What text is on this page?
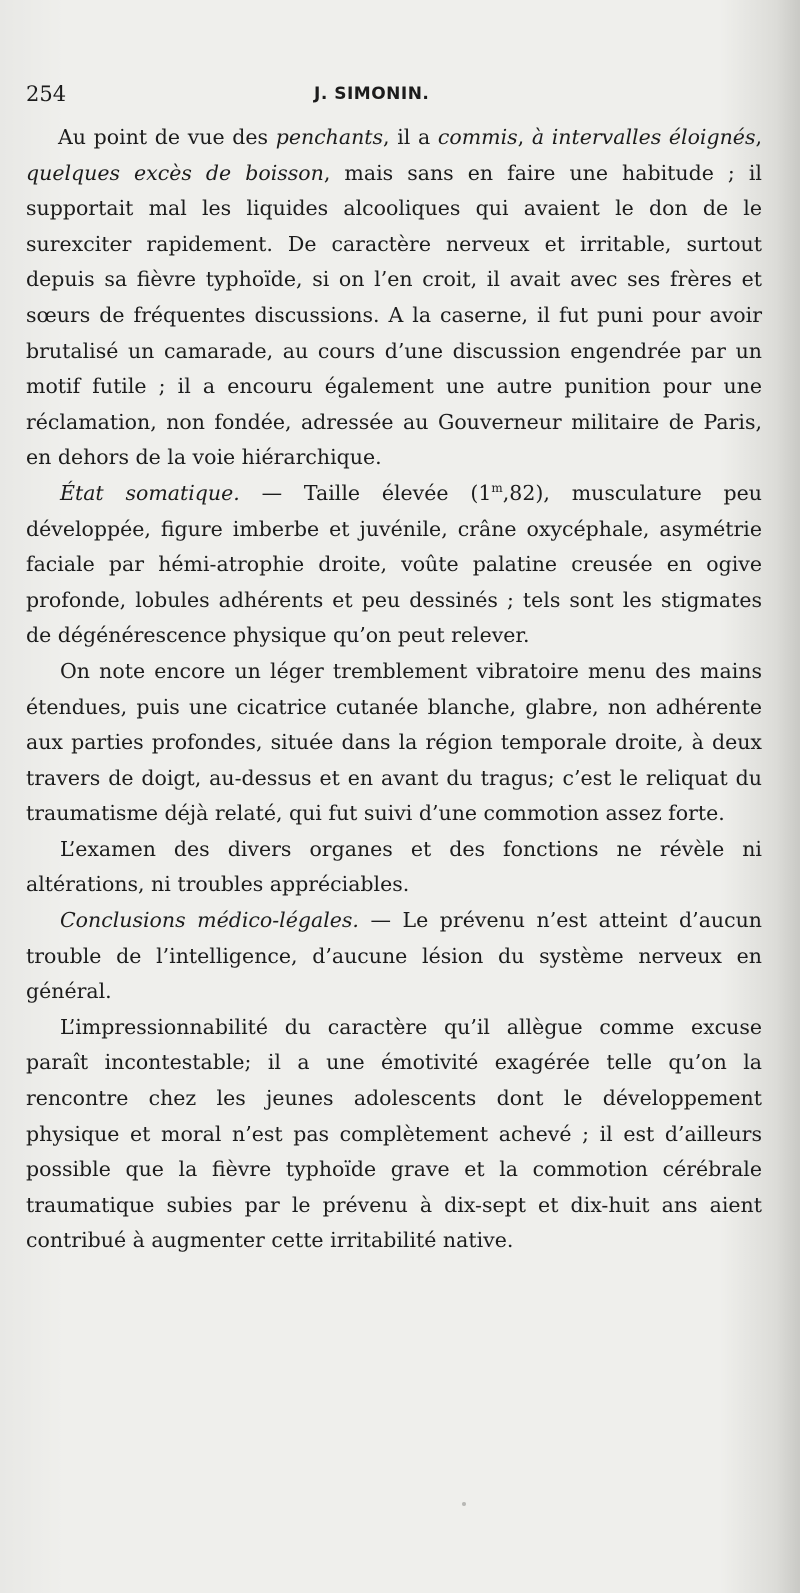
254	J. SIMONIN.

Au point de vue des penchants, il a commis, à intervalles éloignés, quelques excès de boisson, mais sans en faire une habitude ; il supportait mal les liquides alcooliques qui avaient le don de le surexciter rapidement. De caractère nerveux et irritable, surtout depuis sa fièvre typhoïde, si on l’en croit, il avait avec ses frères et sœurs de fréquentes discussions. A la caserne, il fut puni pour avoir brutalisé un camarade, au cours d’une discussion engendrée par un motif futile ; il a encouru également une autre punition pour une réclamation, non fondée, adressée au Gouverneur militaire de Paris, en dehors de la voie hiérarchique.

État somatique. — Taille élevée (1$^m$,82), musculature peu développée, figure imberbe et juvénile, crâne oxycéphale, asymétrie faciale par hémi-atrophie droite, voûte palatine creusée en ogive profonde, lobules adhérents et peu dessinés ; tels sont les stigmates de dégénérescence physique qu’on peut relever.

On note encore un léger tremblement vibratoire menu des mains étendues, puis une cicatrice cutanée blanche, glabre, non adhérente aux parties profondes, située dans la région temporale droite, à deux travers de doigt, au-dessus et en avant du tragus; c’est le reliquat du traumatisme déjà relaté, qui fut suivi d’une commotion assez forte.

L’examen des divers organes et des fonctions ne révèle ni altérations, ni troubles appréciables.

Conclusions médico-légales. — Le prévenu n’est atteint d’aucun trouble de l’intelligence, d’aucune lésion du système nerveux en général.

L’impressionnabilité du caractère qu’il allègue comme excuse paraît incontestable; il a une émotivité exagérée telle qu’on la rencontre chez les jeunes adolescents dont le développement physique et moral n’est pas complètement achevé ; il est d’ailleurs possible que la fièvre typhoïde grave et la commotion cérébrale traumatique subies par le prévenu à dix-sept et dix-huit ans aient contribué à augmenter cette irritabilité native.
